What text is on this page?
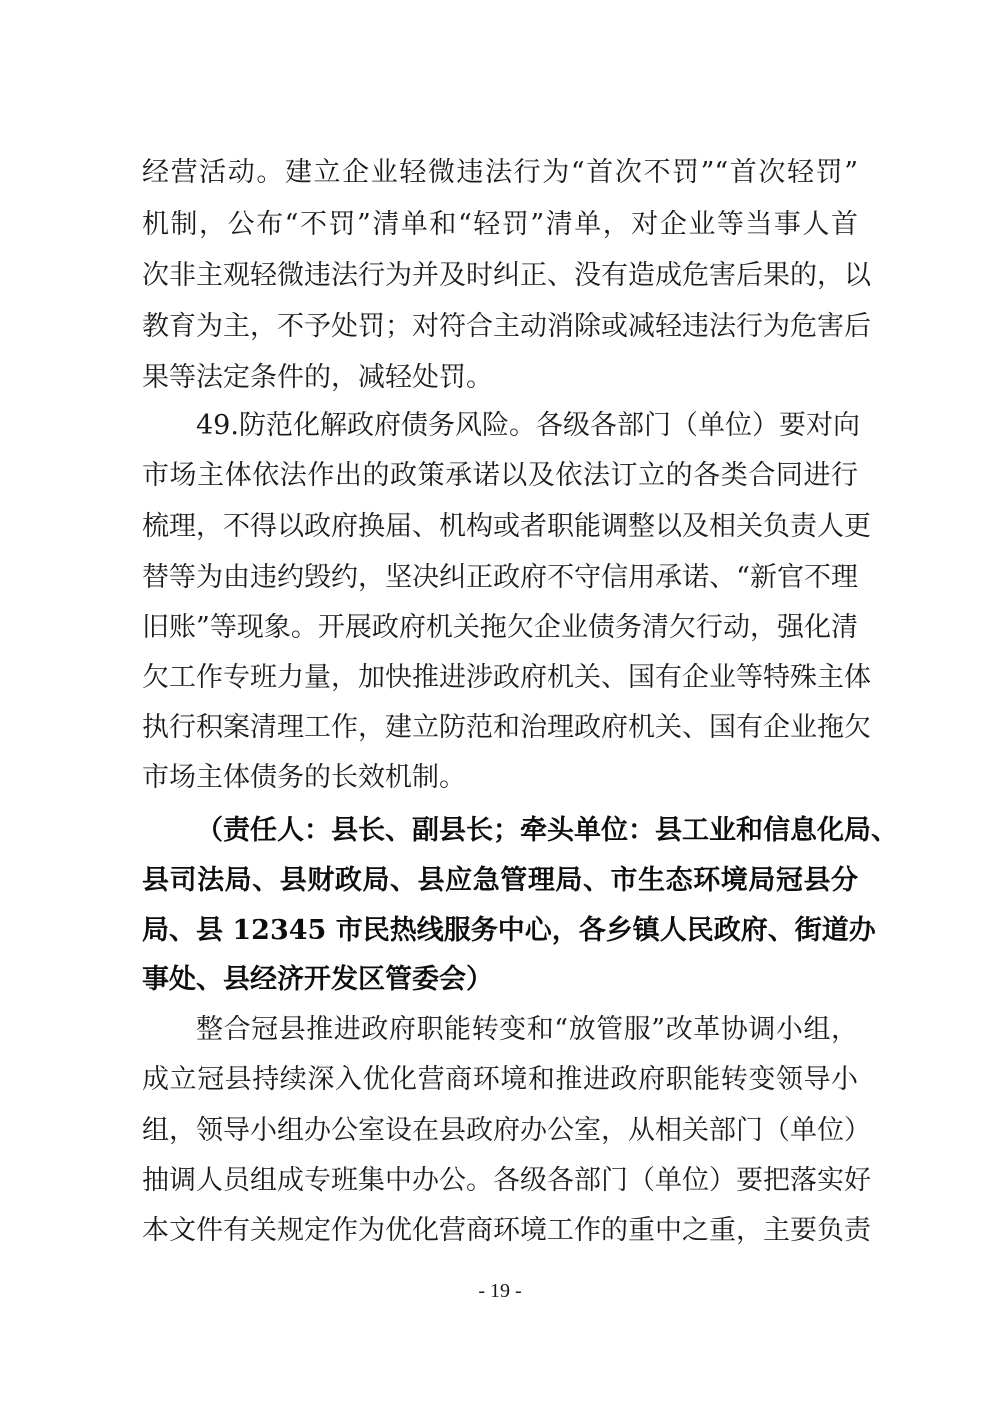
经营活动。建立企业轻微违法行为“首次不罚”“首次轻罚”
机制，公布“不罚”清单和“轻罚”清单，对企业等当事人首
次非主观轻微违法行为并及时纠正、没有造成危害后果的，以
教育为主，不予处罚；对符合主动消除或减轻违法行为危害后
果等法定条件的，减轻处罚。
49.防范化解政府债务风险。各级各部门（单位）要对向
市场主体依法作出的政策承诺以及依法订立的各类合同进行
梳理，不得以政府换届、机构或者职能调整以及相关负责人更
替等为由违约毁约，坚决纠正政府不守信用承诺、“新官不理
旧账”等现象。开展政府机关拖欠企业债务清欠行动，强化清
欠工作专班力量，加快推进涉政府机关、国有企业等特殊主体
执行积案清理工作，建立防范和治理政府机关、国有企业拖欠
市场主体债务的长效机制。
（责任人：县长、副县长；牵头单位：县工业和信息化局、
县司法局、县财政局、县应急管理局、市生态环境局冠县分
局、县 12345 市民热线服务中心，各乡镇人民政府、街道办
事处、县经济开发区管委会）
整合冠县推进政府职能转变和“放管服”改革协调小组，
成立冠县持续深入优化营商环境和推进政府职能转变领导小
组，领导小组办公室设在县政府办公室，从相关部门（单位）
抽调人员组成专班集中办公。各级各部门（单位）要把落实好
本文件有关规定作为优化营商环境工作的重中之重，主要负责
- 19 -
